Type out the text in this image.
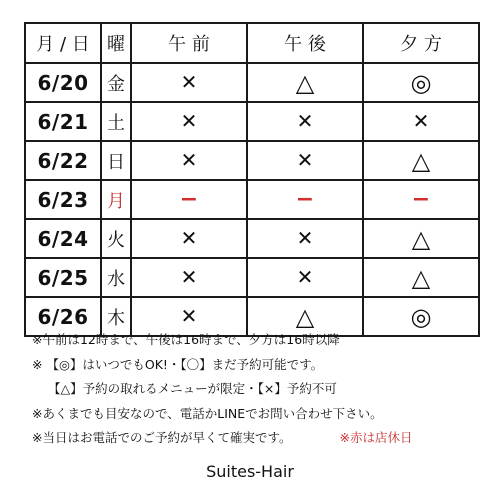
月 / 日	曜	午 前	午 後	夕 方
6/20	金	✕	△	◎
6/21	土	✕	✕	✕
6/22	日	✕	✕	△
6/23	月	−	−	−
6/24	火	✕	✕	△
6/25	水	✕	✕	△
6/26	木	✕	△	◎
※午前は12時まで、午後は16時まで、夕方は16時以降
※ 【◎】はいつでもOK!・【〇】まだ予約可能です。
【△】予約の取れるメニューが限定・【×】予約不可
※あくまでも目安なので、電話かLINEでお問い合わせ下さい。
※当日はお電話でのご予約が早くて確実です。	※赤は店休日
Suites-Hair
